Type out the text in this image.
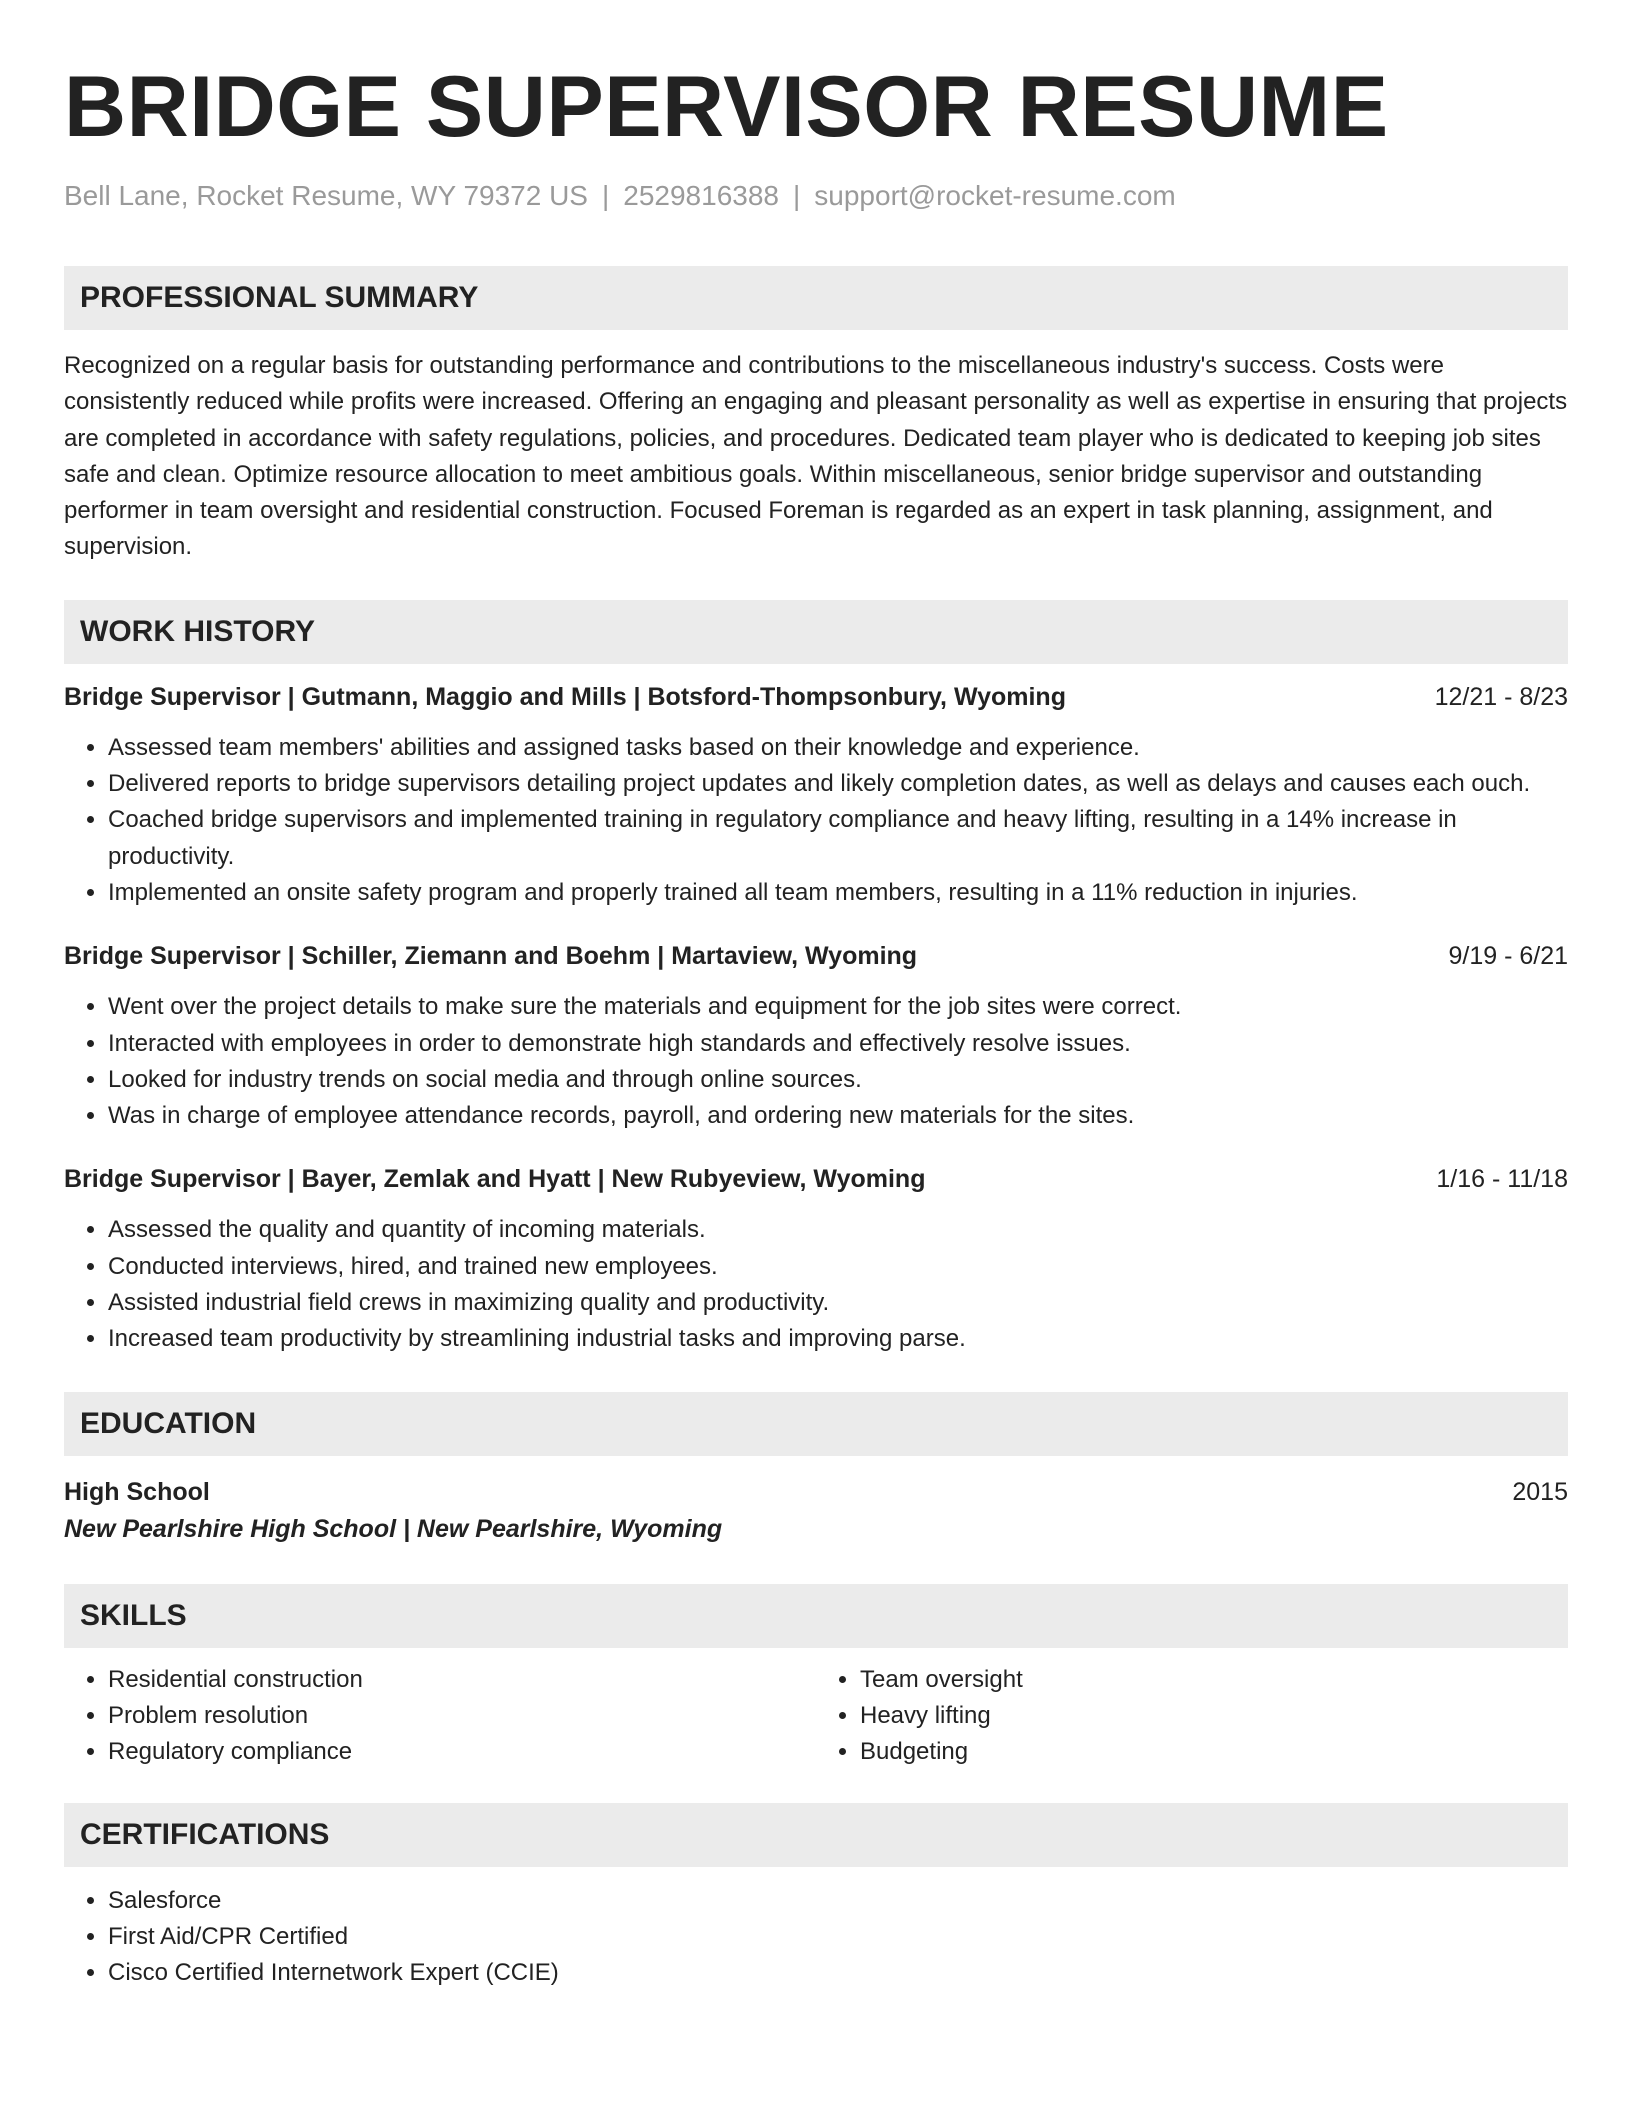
BRIDGE SUPERVISOR RESUME
Bell Lane, Rocket Resume, WY 79372 US | 2529816388 | support@rocket-resume.com
PROFESSIONAL SUMMARY

Recognized on a regular basis for outstanding performance and contributions to the miscellaneous industry's success. Costs were consistently reduced while profits were increased. Offering an engaging and pleasant personality as well as expertise in ensuring that projects are completed in accordance with safety regulations, policies, and procedures. Dedicated team player who is dedicated to keeping job sites safe and clean. Optimize resource allocation to meet ambitious goals. Within miscellaneous, senior bridge supervisor and outstanding performer in team oversight and residential construction. Focused Foreman is regarded as an expert in task planning, assignment, and supervision.

WORK HISTORY
Bridge Supervisor | Gutmann, Maggio and Mills | Botsford-Thompsonbury, Wyoming	12/21 - 8/23
• Assessed team members' abilities and assigned tasks based on their knowledge and experience.
• Delivered reports to bridge supervisors detailing project updates and likely completion dates, as well as delays and causes each ouch.
• Coached bridge supervisors and implemented training in regulatory compliance and heavy lifting, resulting in a 14% increase in productivity.
• Implemented an onsite safety program and properly trained all team members, resulting in a 11% reduction in injuries.
Bridge Supervisor | Schiller, Ziemann and Boehm | Martaview, Wyoming	9/19 - 6/21
• Went over the project details to make sure the materials and equipment for the job sites were correct.
• Interacted with employees in order to demonstrate high standards and effectively resolve issues.
• Looked for industry trends on social media and through online sources.
• Was in charge of employee attendance records, payroll, and ordering new materials for the sites.
Bridge Supervisor | Bayer, Zemlak and Hyatt | New Rubyeview, Wyoming	1/16 - 11/18
• Assessed the quality and quantity of incoming materials.
• Conducted interviews, hired, and trained new employees.
• Assisted industrial field crews in maximizing quality and productivity.
• Increased team productivity by streamlining industrial tasks and improving parse.
EDUCATION
High School	2015
New Pearlshire High School | New Pearlshire, Wyoming
SKILLS
• Residential construction
• Problem resolution
• Regulatory compliance
• Team oversight
• Heavy lifting
• Budgeting
CERTIFICATIONS
• Salesforce
• First Aid/CPR Certified
• Cisco Certified Internetwork Expert (CCIE)
